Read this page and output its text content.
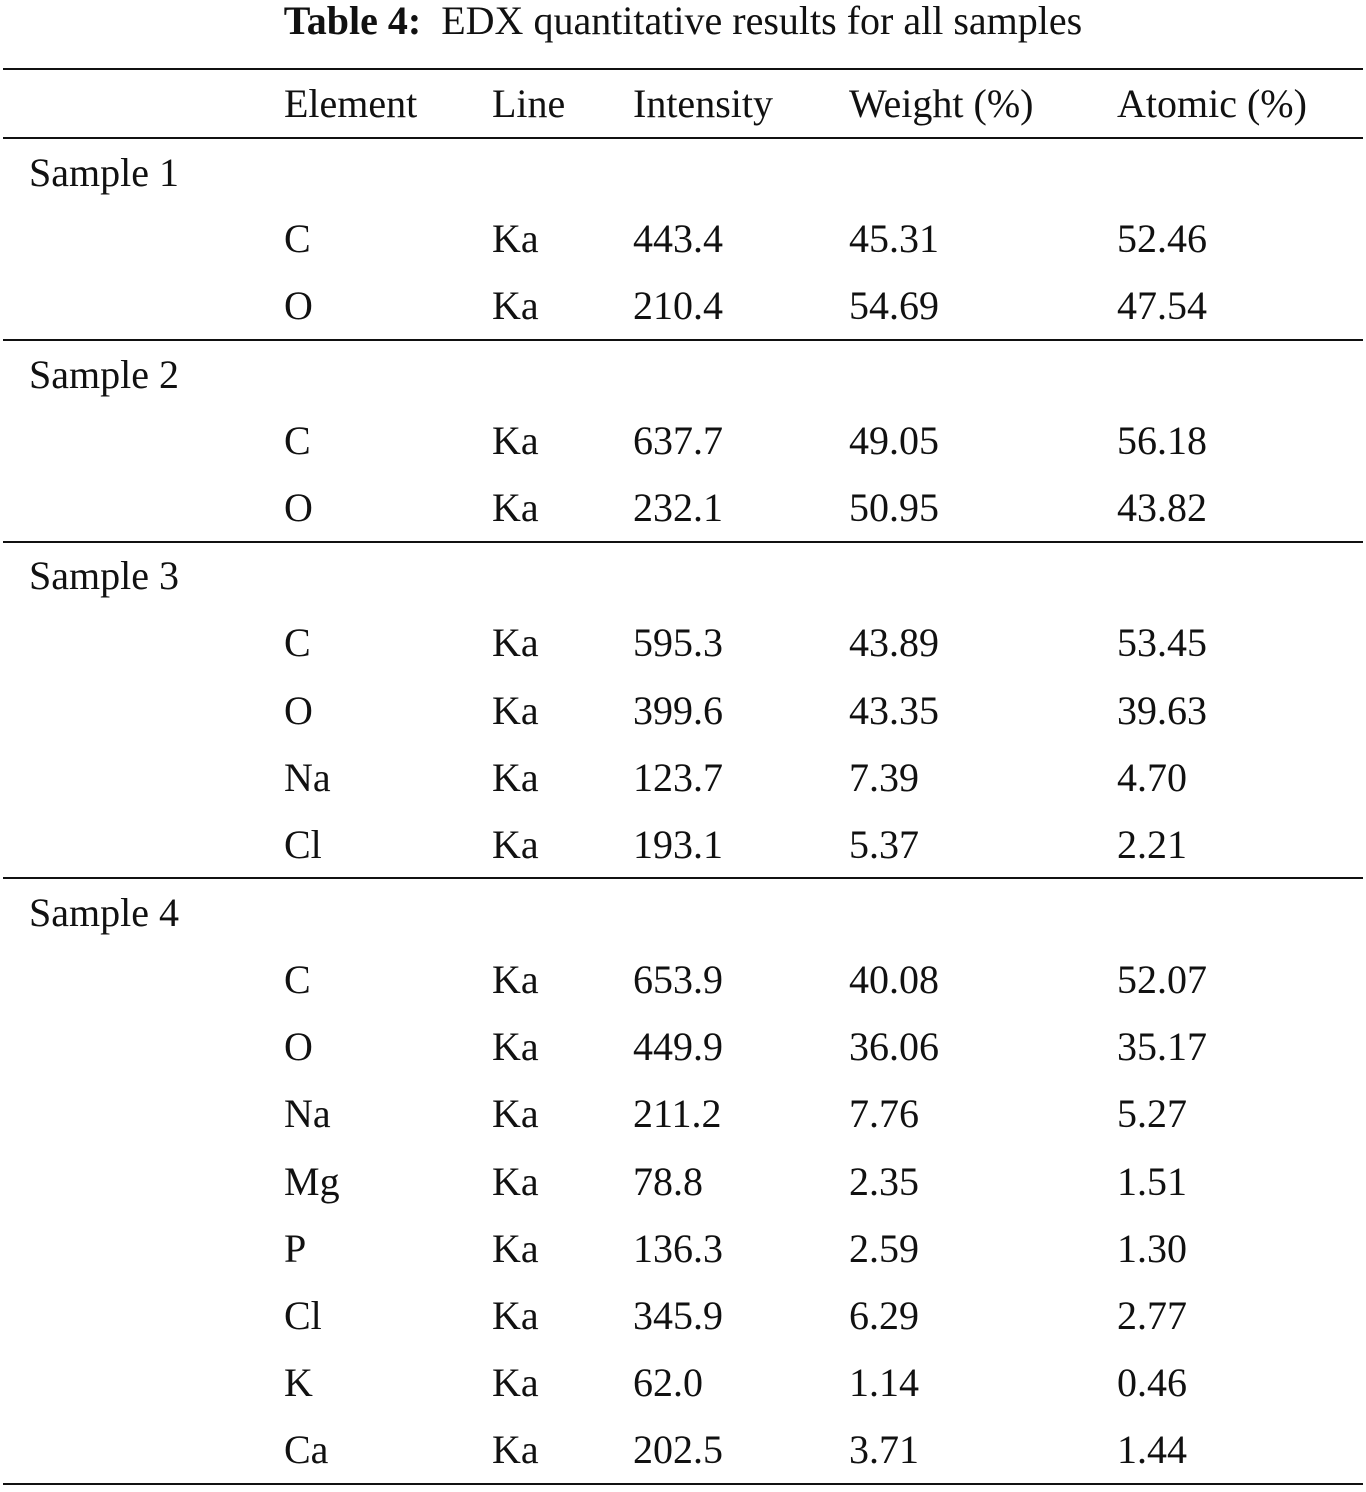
Table 4: EDX quantitative results for all samples
	Element	Line	Intensity	Weight (%)	Atomic (%)
Sample 1					
	C	Ka	443.4	45.31	52.46
	O	Ka	210.4	54.69	47.54
Sample 2					
	C	Ka	637.7	49.05	56.18
	O	Ka	232.1	50.95	43.82
Sample 3					
	C	Ka	595.3	43.89	53.45
	O	Ka	399.6	43.35	39.63
	Na	Ka	123.7	7.39	4.70
	Cl	Ka	193.1	5.37	2.21
Sample 4					
	C	Ka	653.9	40.08	52.07
	O	Ka	449.9	36.06	35.17
	Na	Ka	211.2	7.76	5.27
	Mg	Ka	78.8	2.35	1.51
	P	Ka	136.3	2.59	1.30
	Cl	Ka	345.9	6.29	2.77
	K	Ka	62.0	1.14	0.46
	Ca	Ka	202.5	3.71	1.44
